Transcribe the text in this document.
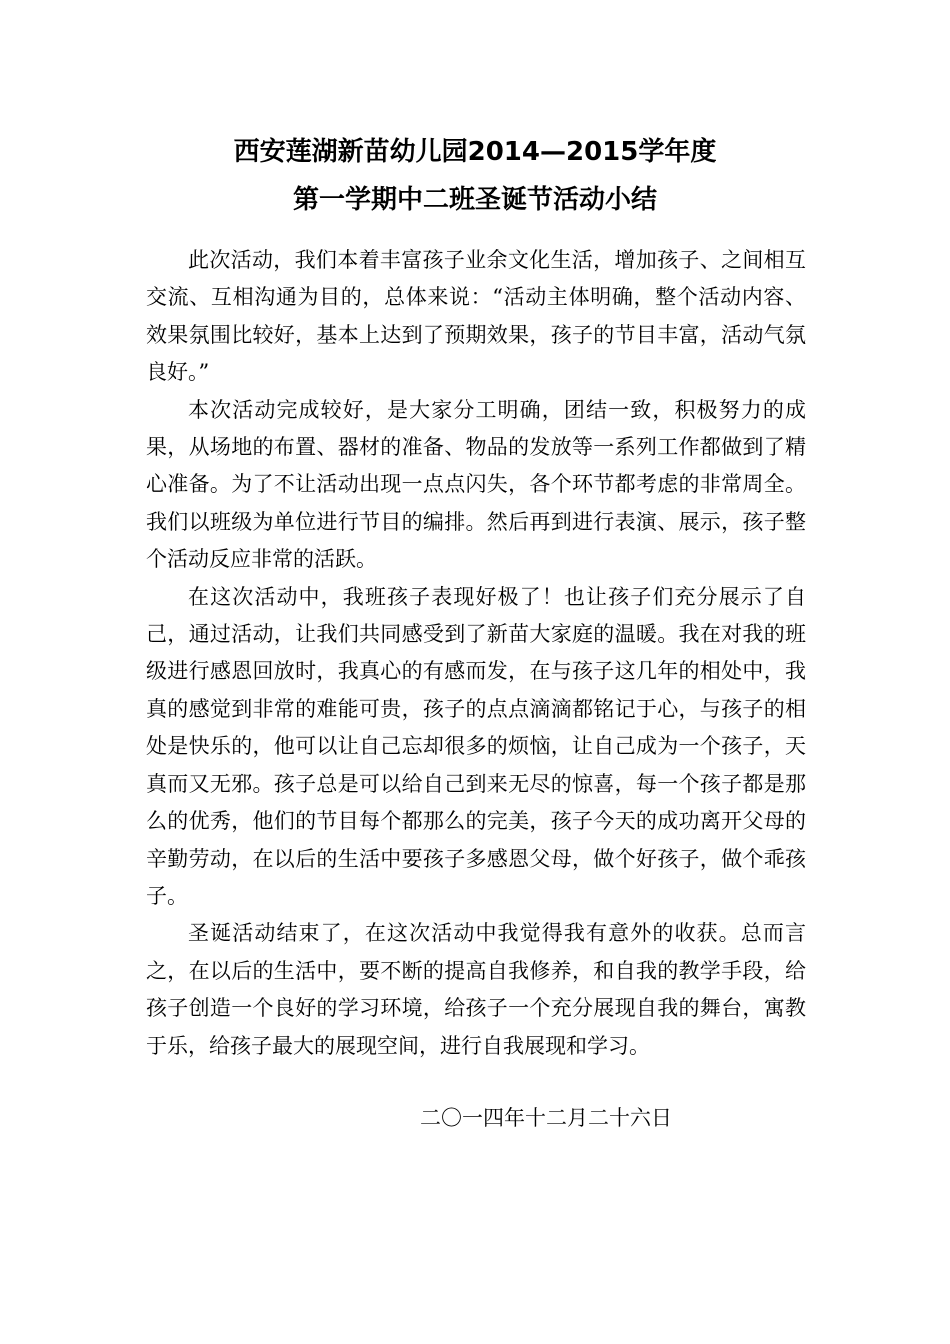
西安莲湖新苗幼儿园2014—2015学年度
第一学期中二班圣诞节活动小结

此次活动，我们本着丰富孩子业余文化生活，增加孩子、之间相互交流、互相沟通为目的，总体来说：“活动主体明确，整个活动内容、效果氛围比较好，基本上达到了预期效果，孩子的节目丰富，活动气氛良好。”

本次活动完成较好，是大家分工明确，团结一致，积极努力的成果，从场地的布置、器材的准备、物品的发放等一系列工作都做到了精心准备。为了不让活动出现一点点闪失，各个环节都考虑的非常周全。我们以班级为单位进行节目的编排。然后再到进行表演、展示，孩子整个活动反应非常的活跃。

在这次活动中，我班孩子表现好极了！也让孩子们充分展示了自己，通过活动，让我们共同感受到了新苗大家庭的温暖。我在对我的班级进行感恩回放时，我真心的有感而发，在与孩子这几年的相处中，我真的感觉到非常的难能可贵，孩子的点点滴滴都铭记于心，与孩子的相处是快乐的，他可以让自己忘却很多的烦恼，让自己成为一个孩子，天真而又无邪。孩子总是可以给自己到来无尽的惊喜，每一个孩子都是那么的优秀，他们的节目每个都那么的完美，孩子今天的成功离开父母的辛勤劳动，在以后的生活中要孩子多感恩父母，做个好孩子，做个乖孩子。

圣诞活动结束了，在这次活动中我觉得我有意外的收获。总而言之，在以后的生活中，要不断的提高自我修养，和自我的教学手段，给孩子创造一个良好的学习环境，给孩子一个充分展现自我的舞台，寓教于乐，给孩子最大的展现空间，进行自我展现和学习。

二〇一四年十二月二十六日
